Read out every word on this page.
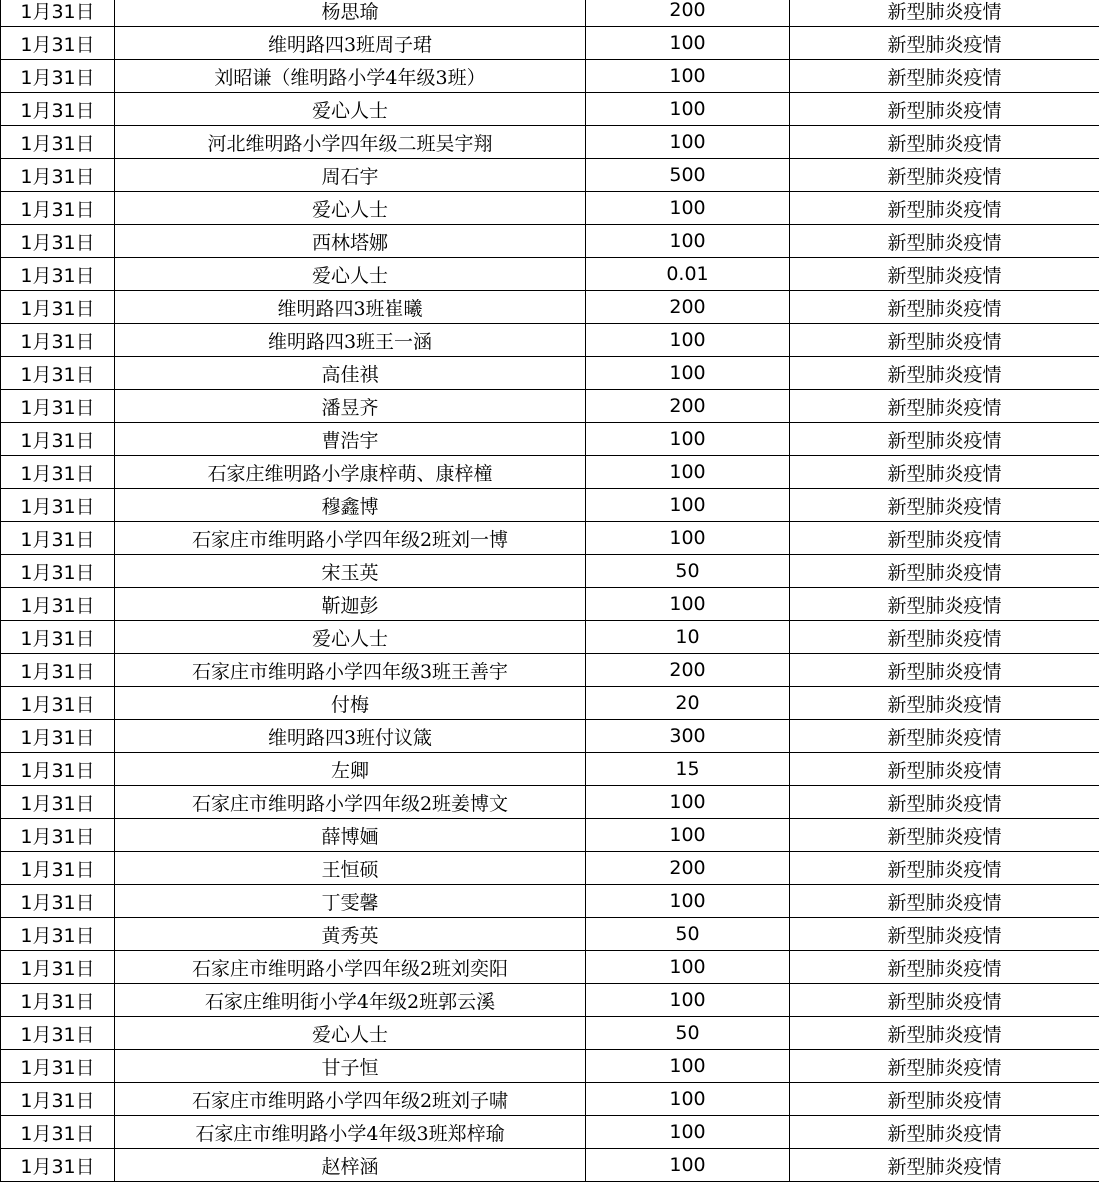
1月31日	杨思瑜	200	新型肺炎疫情
1月31日	维明路四3班周子珺	100	新型肺炎疫情
1月31日	刘昭谦（维明路小学4年级3班）	100	新型肺炎疫情
1月31日	爱心人士	100	新型肺炎疫情
1月31日	河北维明路小学四年级二班吴宇翔	100	新型肺炎疫情
1月31日	周石宇	500	新型肺炎疫情
1月31日	爱心人士	100	新型肺炎疫情
1月31日	西林塔娜	100	新型肺炎疫情
1月31日	爱心人士	0.01	新型肺炎疫情
1月31日	维明路四3班崔曦	200	新型肺炎疫情
1月31日	维明路四3班王一涵	100	新型肺炎疫情
1月31日	高佳祺	100	新型肺炎疫情
1月31日	潘昱齐	200	新型肺炎疫情
1月31日	曹浩宇	100	新型肺炎疫情
1月31日	石家庄维明路小学康梓萌、康梓橦	100	新型肺炎疫情
1月31日	穆鑫博	100	新型肺炎疫情
1月31日	石家庄市维明路小学四年级2班刘一博	100	新型肺炎疫情
1月31日	宋玉英	50	新型肺炎疫情
1月31日	靳迦彭	100	新型肺炎疫情
1月31日	爱心人士	10	新型肺炎疫情
1月31日	石家庄市维明路小学四年级3班王善宇	200	新型肺炎疫情
1月31日	付梅	20	新型肺炎疫情
1月31日	维明路四3班付议箴	300	新型肺炎疫情
1月31日	左卿	15	新型肺炎疫情
1月31日	石家庄市维明路小学四年级2班姜博文	100	新型肺炎疫情
1月31日	薛博婳	100	新型肺炎疫情
1月31日	王恒硕	200	新型肺炎疫情
1月31日	丁雯馨	100	新型肺炎疫情
1月31日	黄秀英	50	新型肺炎疫情
1月31日	石家庄市维明路小学四年级2班刘奕阳	100	新型肺炎疫情
1月31日	石家庄维明街小学4年级2班郭云溪	100	新型肺炎疫情
1月31日	爱心人士	50	新型肺炎疫情
1月31日	甘子恒	100	新型肺炎疫情
1月31日	石家庄市维明路小学四年级2班刘子啸	100	新型肺炎疫情
1月31日	石家庄市维明路小学4年级3班郑梓瑜	100	新型肺炎疫情
1月31日	赵梓涵	100	新型肺炎疫情
